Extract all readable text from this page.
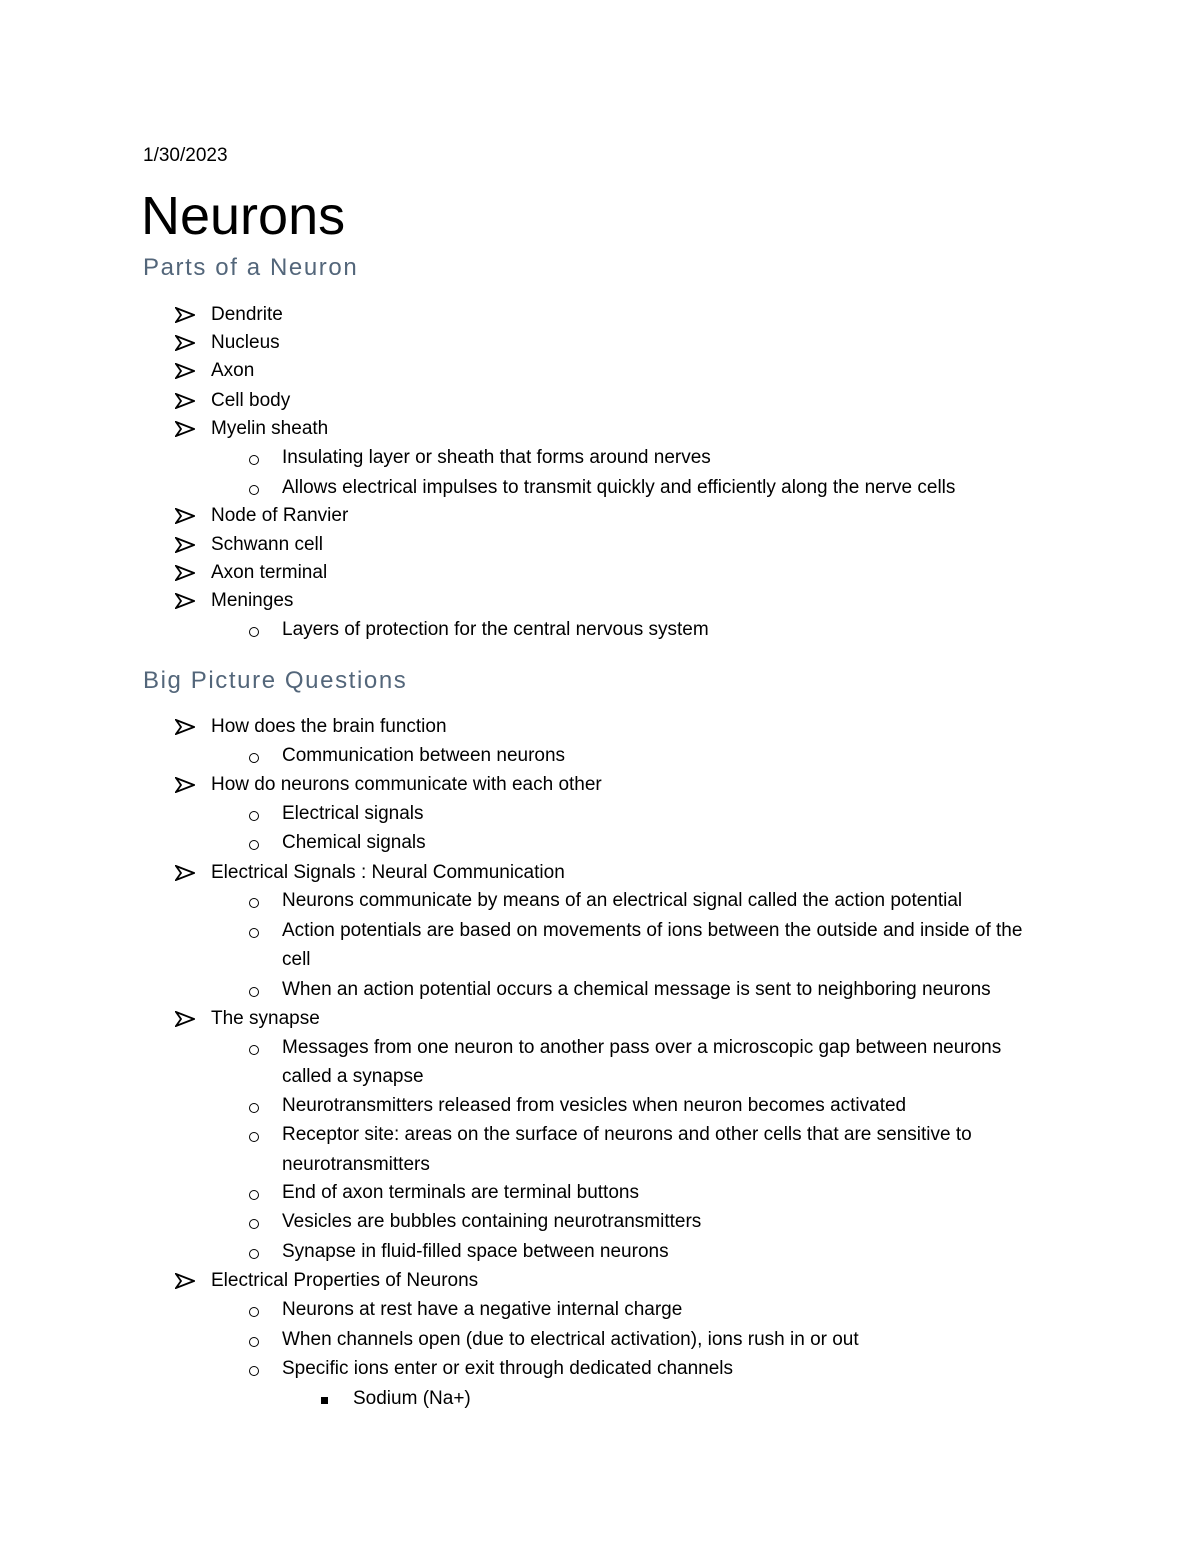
1/30/2023
Neurons
Parts of a Neuron
Big Picture Questions
Dendrite
Nucleus
Axon
Cell body
Myelin sheath
Insulating layer or sheath that forms around nerves
Allows electrical impulses to transmit quickly and efficiently along the nerve cells
Node of Ranvier
Schwann cell
Axon terminal
Meninges
Layers of protection for the central nervous system
How does the brain function
Communication between neurons
How do neurons communicate with each other
Electrical signals
Chemical signals
Electrical Signals : Neural Communication
Neurons communicate by means of an electrical signal called the action potential
Action potentials are based on movements of ions between the outside and inside of the
cell
When an action potential occurs a chemical message is sent to neighboring neurons
The synapse
Messages from one neuron to another pass over a microscopic gap between neurons
called a synapse
Neurotransmitters released from vesicles when neuron becomes activated
Receptor site: areas on the surface of neurons and other cells that are sensitive to
neurotransmitters
End of axon terminals are terminal buttons
Vesicles are bubbles containing neurotransmitters
Synapse in fluid-filled space between neurons
Electrical Properties of Neurons
Neurons at rest have a negative internal charge
When channels open (due to electrical activation), ions rush in or out
Specific ions enter or exit through dedicated channels
Sodium (Na+)
